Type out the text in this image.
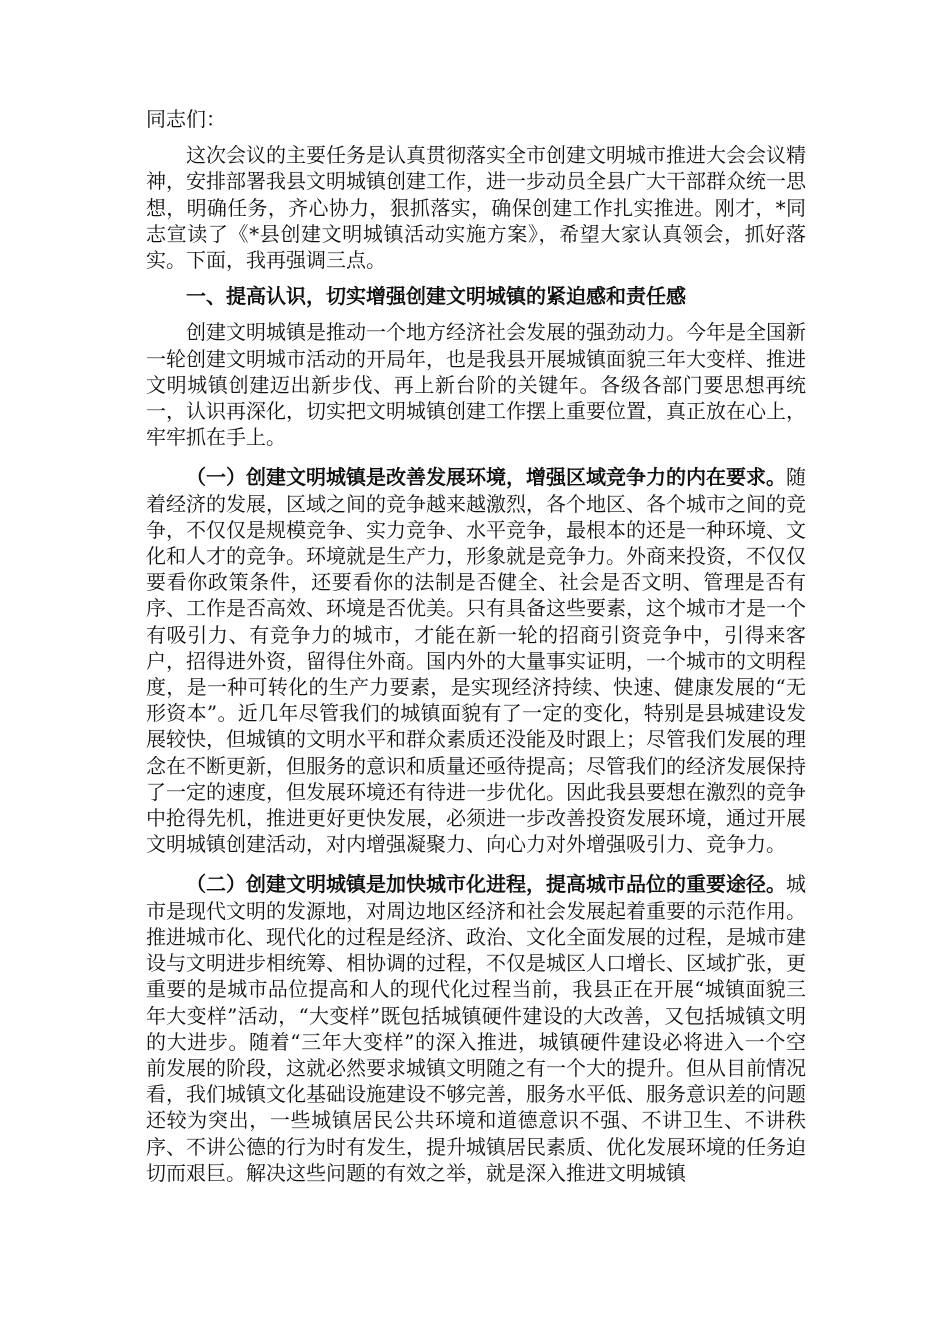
同志们：

这次会议的主要任务是认真贯彻落实全市创建文明城市推进大会会议精神，安排部署我县文明城镇创建工作，进一步动员全县广大干部群众统一思想，明确任务，齐心协力，狠抓落实，确保创建工作扎实推进。刚才，*同志宣读了《*县创建文明城镇活动实施方案》，希望大家认真领会，抓好落实。下面，我再强调三点。

一、提高认识，切实增强创建文明城镇的紧迫感和责任感

创建文明城镇是推动一个地方经济社会发展的强劲动力。今年是全国新一轮创建文明城市活动的开局年，也是我县开展城镇面貌三年大变样、推进文明城镇创建迈出新步伐、再上新台阶的关键年。各级各部门要思想再统一，认识再深化，切实把文明城镇创建工作摆上重要位置，真正放在心上，牢牢抓在手上。

（一）创建文明城镇是改善发展环境，增强区域竞争力的内在要求。随着经济的发展，区域之间的竞争越来越激烈，各个地区、各个城市之间的竞争，不仅仅是规模竞争、实力竞争、水平竞争，最根本的还是一种环境、文化和人才的竞争。环境就是生产力，形象就是竞争力。外商来投资，不仅仅要看你政策条件，还要看你的法制是否健全、社会是否文明、管理是否有序、工作是否高效、环境是否优美。只有具备这些要素，这个城市才是一个有吸引力、有竞争力的城市，才能在新一轮的招商引资竞争中，引得来客户，招得进外资，留得住外商。国内外的大量事实证明，一个城市的文明程度，是一种可转化的生产力要素，是实现经济持续、快速、健康发展的“无形资本”。近几年尽管我们的城镇面貌有了一定的变化，特别是县城建设发展较快，但城镇的文明水平和群众素质还没能及时跟上；尽管我们发展的理念在不断更新，但服务的意识和质量还亟待提高；尽管我们的经济发展保持了一定的速度，但发展环境还有待进一步优化。因此我县要想在激烈的竞争中抢得先机，推进更好更快发展，必须进一步改善投资发展环境，通过开展文明城镇创建活动，对内增强凝聚力、向心力对外增强吸引力、竞争力。

（二）创建文明城镇是加快城市化进程，提高城市品位的重要途径。城市是现代文明的发源地，对周边地区经济和社会发展起着重要的示范作用。推进城市化、现代化的过程是经济、政治、文化全面发展的过程，是城市建设与文明进步相统筹、相协调的过程，不仅是城区人口增长、区域扩张，更重要的是城市品位提高和人的现代化过程当前，我县正在开展“城镇面貌三年大变样”活动，“大变样”既包括城镇硬件建设的大改善，又包括城镇文明的大进步。随着“三年大变样”的深入推进，城镇硬件建设必将进入一个空前发展的阶段，这就必然要求城镇文明随之有一个大的提升。但从目前情况看，我们城镇文化基础设施建设不够完善，服务水平低、服务意识差的问题还较为突出，一些城镇居民公共环境和道德意识不强、不讲卫生、不讲秩序、不讲公德的行为时有发生，提升城镇居民素质、优化发展环境的任务迫切而艰巨。解决这些问题的有效之举，就是深入推进文明城镇
